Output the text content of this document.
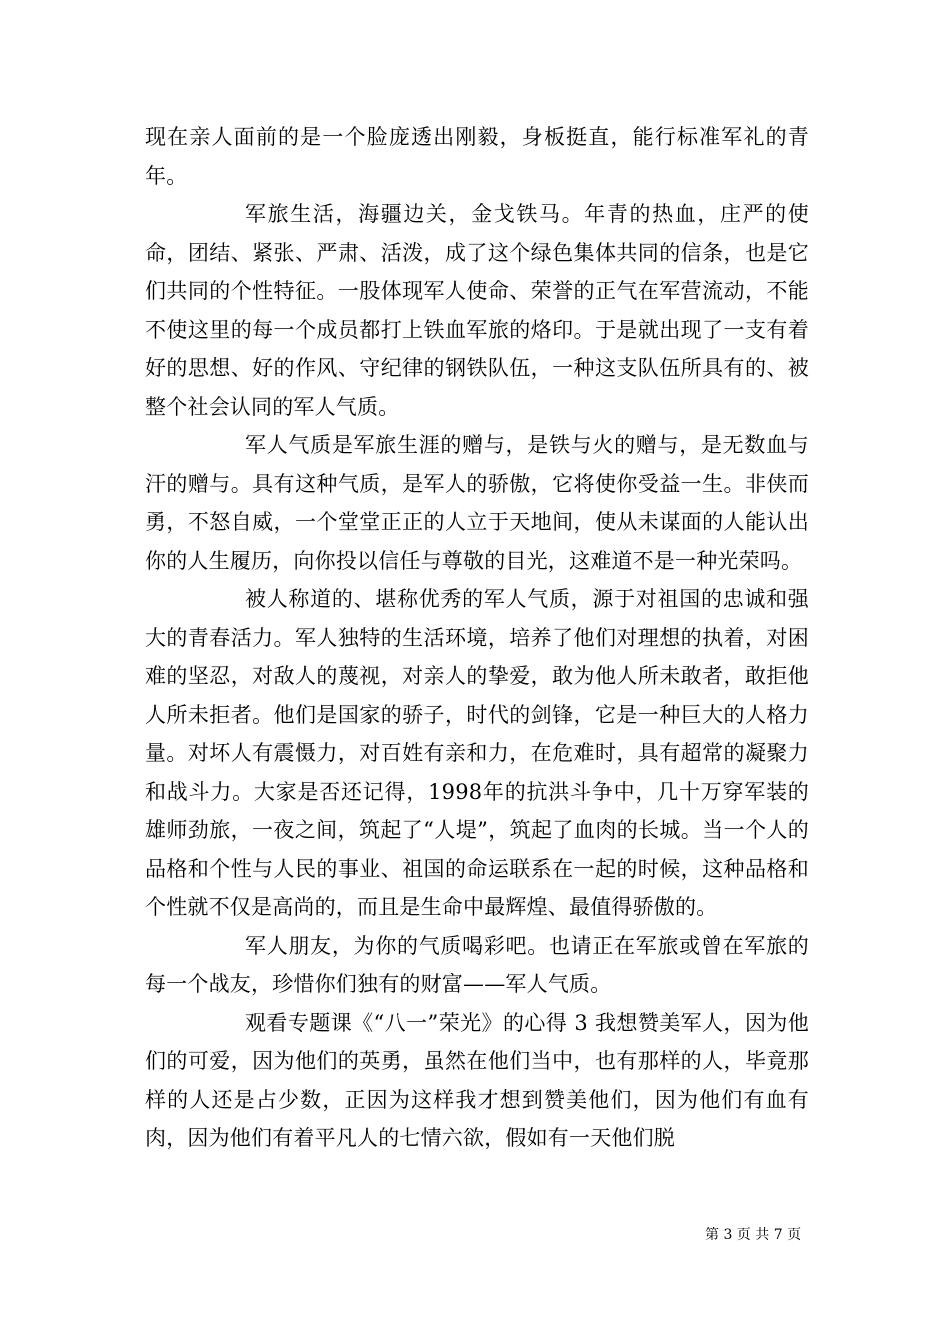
现在亲人面前的是一个脸庞透出刚毅，身板挺直，能行标准军礼的青年。

军旅生活，海疆边关，金戈铁马。年青的热血，庄严的使命，团结、紧张、严肃、活泼，成了这个绿色集体共同的信条，也是它们共同的个性特征。一股体现军人使命、荣誉的正气在军营流动，不能不使这里的每一个成员都打上铁血军旅的烙印。于是就出现了一支有着好的思想、好的作风、守纪律的钢铁队伍，一种这支队伍所具有的、被整个社会认同的军人气质。

军人气质是军旅生涯的赠与，是铁与火的赠与，是无数血与汗的赠与。具有这种气质，是军人的骄傲，它将使你受益一生。非侠而勇，不怒自威，一个堂堂正正的人立于天地间，使从未谋面的人能认出你的人生履历，向你投以信任与尊敬的目光，这难道不是一种光荣吗。

被人称道的、堪称优秀的军人气质，源于对祖国的忠诚和强大的青春活力。军人独特的生活环境，培养了他们对理想的执着，对困难的坚忍，对敌人的蔑视，对亲人的挚爱，敢为他人所未敢者，敢拒他人所未拒者。他们是国家的骄子，时代的剑锋，它是一种巨大的人格力量。对坏人有震慑力，对百姓有亲和力，在危难时，具有超常的凝聚力和战斗力。大家是否还记得，1998年的抗洪斗争中，几十万穿军装的雄师劲旅，一夜之间，筑起了“人堤”，筑起了血肉的长城。当一个人的品格和个性与人民的事业、祖国的命运联系在一起的时候，这种品格和个性就不仅是高尚的，而且是生命中最辉煌、最值得骄傲的。

军人朋友，为你的气质喝彩吧。也请正在军旅或曾在军旅的每一个战友，珍惜你们独有的财富——军人气质。

观看专题课《“八一”荣光》的心得 3 我想赞美军人，因为他们的可爱，因为他们的英勇，虽然在他们当中，也有那样的人，毕竟那样的人还是占少数，正因为这样我才想到赞美他们，因为他们有血有肉，因为他们有着平凡人的七情六欲，假如有一天他们脱

第 3 页 共 7 页
